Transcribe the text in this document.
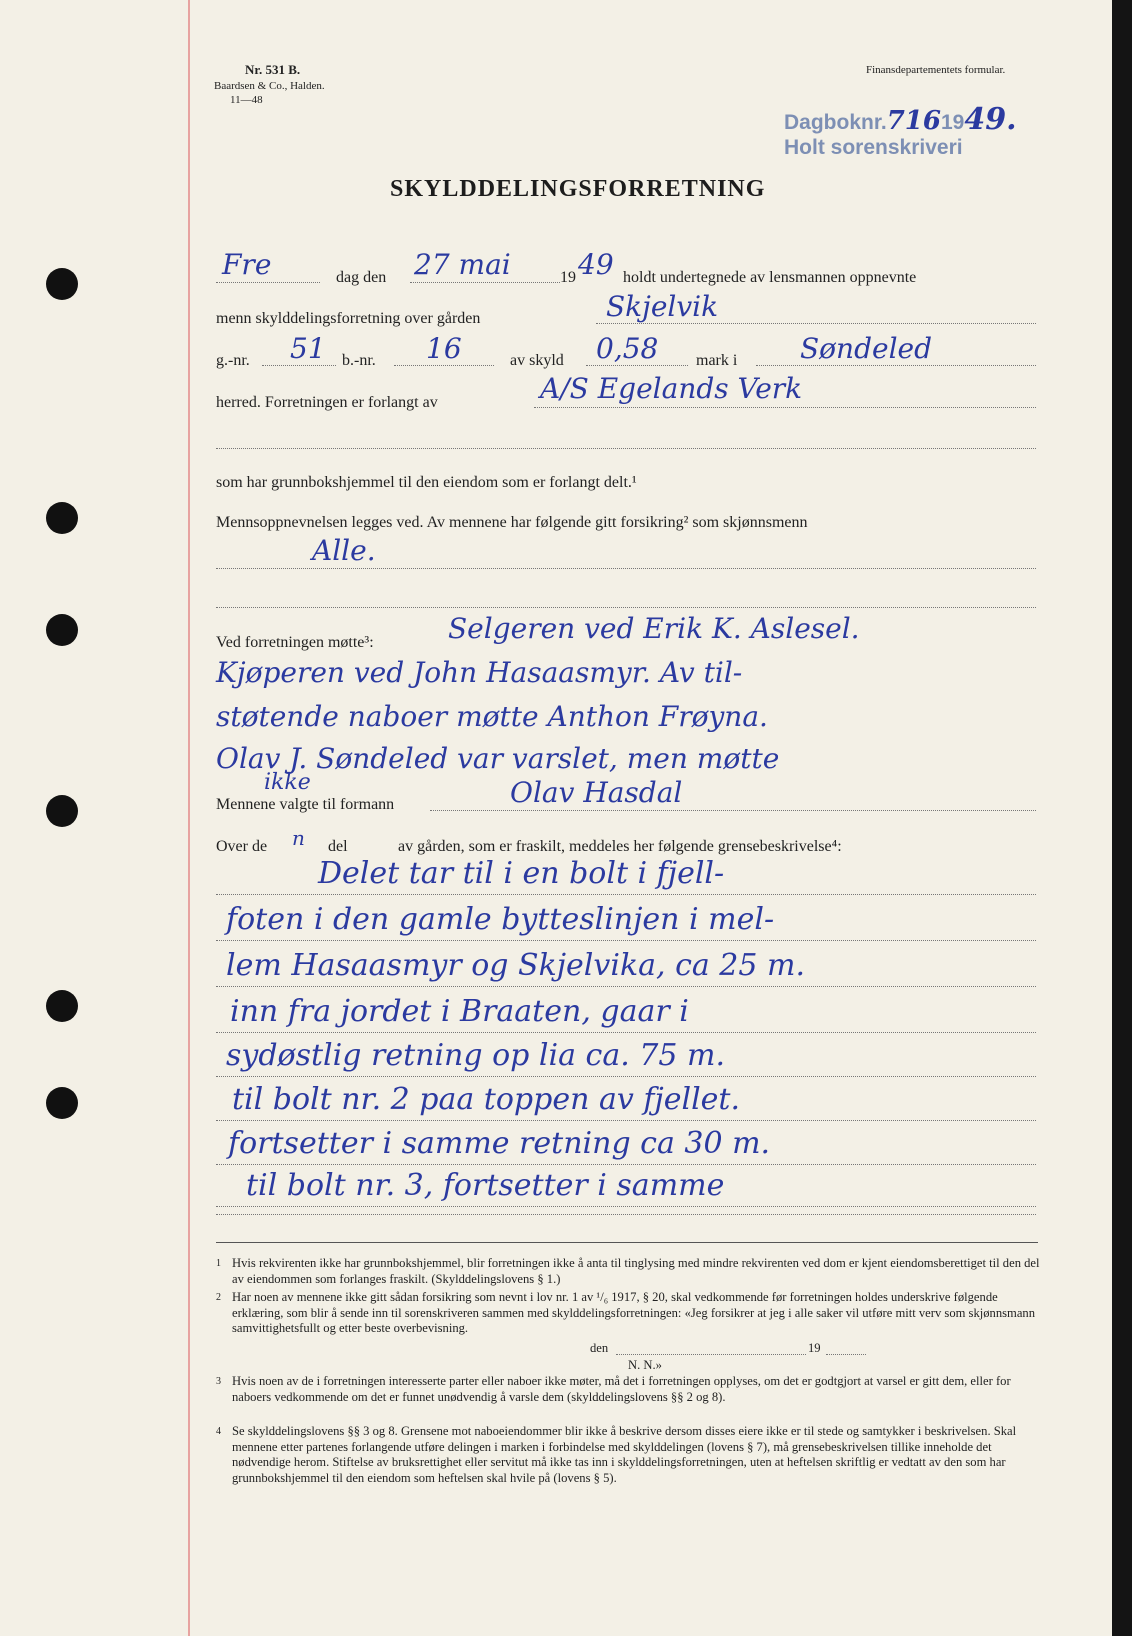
Nr. 531 B.
Baardsen & Co., Halden.
11—48
Finansdepartementets formular.
Dagboknr.7161949.
Holt sorenskriveri
SKYLDDELINGSFORRETNING
Fre	dag den 27 mai	19 49 holdt undertegnede av lensmannen oppnevnte
menn skylddelingsforretning over gården	Skjelvik
g.-nr. 51 b.-nr. 16	av skyld 0,58 mark i Søndeled
herred. Forretningen er forlangt av	A/S Egelands Verk
som har grunnbokshjemmel til den eiendom som er forlangt delt.¹
Mennsoppnevnelsen legges ved. Av mennene har følgende gitt forsikring² som skjønnsmenn
Alle.
Ved forretningen møtte³:	Selgeren ved Erik K. Aslesel.
Kjøperen ved John Hasaasmyr. Av til-
støtende naboer møtte Anthon Frøyna.
Olav J. Søndeled var varslet, men møtte
ikke
Mennene valgte til formann	Olav Hasdal
Over de n del	av gården, som er fraskilt, meddeles her følgende grensebeskrivelse⁴:
Delet tar til i en bolt i fjell-
foten i den gamle bytteslinjen i mel-
lem Hasaasmyr og Skjelvika, ca 25 m.
inn fra jordet i Braaten, gaar i
sydøstlig retning op lia ca. 75 m.
til bolt nr. 2 paa toppen av fjellet.
fortsetter i samme retning ca 30 m.
til bolt nr. 3, fortsetter i samme
1 Hvis rekvirenten ikke har grunnbokshjemmel, blir forretningen ikke å anta til tinglysing med mindre rekvirenten ved dom er kjent eiendomsberettiget til den del av eiendommen som forlanges fraskilt. (Skylddelingslovens § 1.)
2 Har noen av mennene ikke gitt sådan forsikring som nevnt i lov nr. 1 av ¹/₆ 1917, § 20, skal vedkommende før forretningen holdes underskrive følgende erklæring, som blir å sende inn til sorenskriveren sammen med skylddelingsforretningen: «Jeg forsikrer at jeg i alle saker vil utføre mitt verv som skjønnsmann samvittighetsfullt og etter beste overbevisning.
den	19
N. N.»
3 Hvis noen av de i forretningen interesserte parter eller naboer ikke møter, må det i forretningen opplyses, om det er godtgjort at varsel er gitt dem, eller for naboers vedkommende om det er funnet unødvendig å varsle dem (skylddelingslovens §§ 2 og 8).
4 Se skylddelingslovens §§ 3 og 8. Grensene mot naboeiendommer blir ikke å beskrive dersom disses eiere ikke er til stede og samtykker i beskrivelsen. Skal mennene etter partenes forlangende utføre delingen i marken i forbindelse med skylddelingen (lovens § 7), må grensebeskrivelsen tillike inneholde det nødvendige herom. Stiftelse av bruksrettighet eller servitut må ikke tas inn i skylddelingsforretningen, uten at heftelsen skriftlig er vedtatt av den som har grunnbokshjemmel til den eiendom som heftelsen skal hvile på (lovens § 5).
